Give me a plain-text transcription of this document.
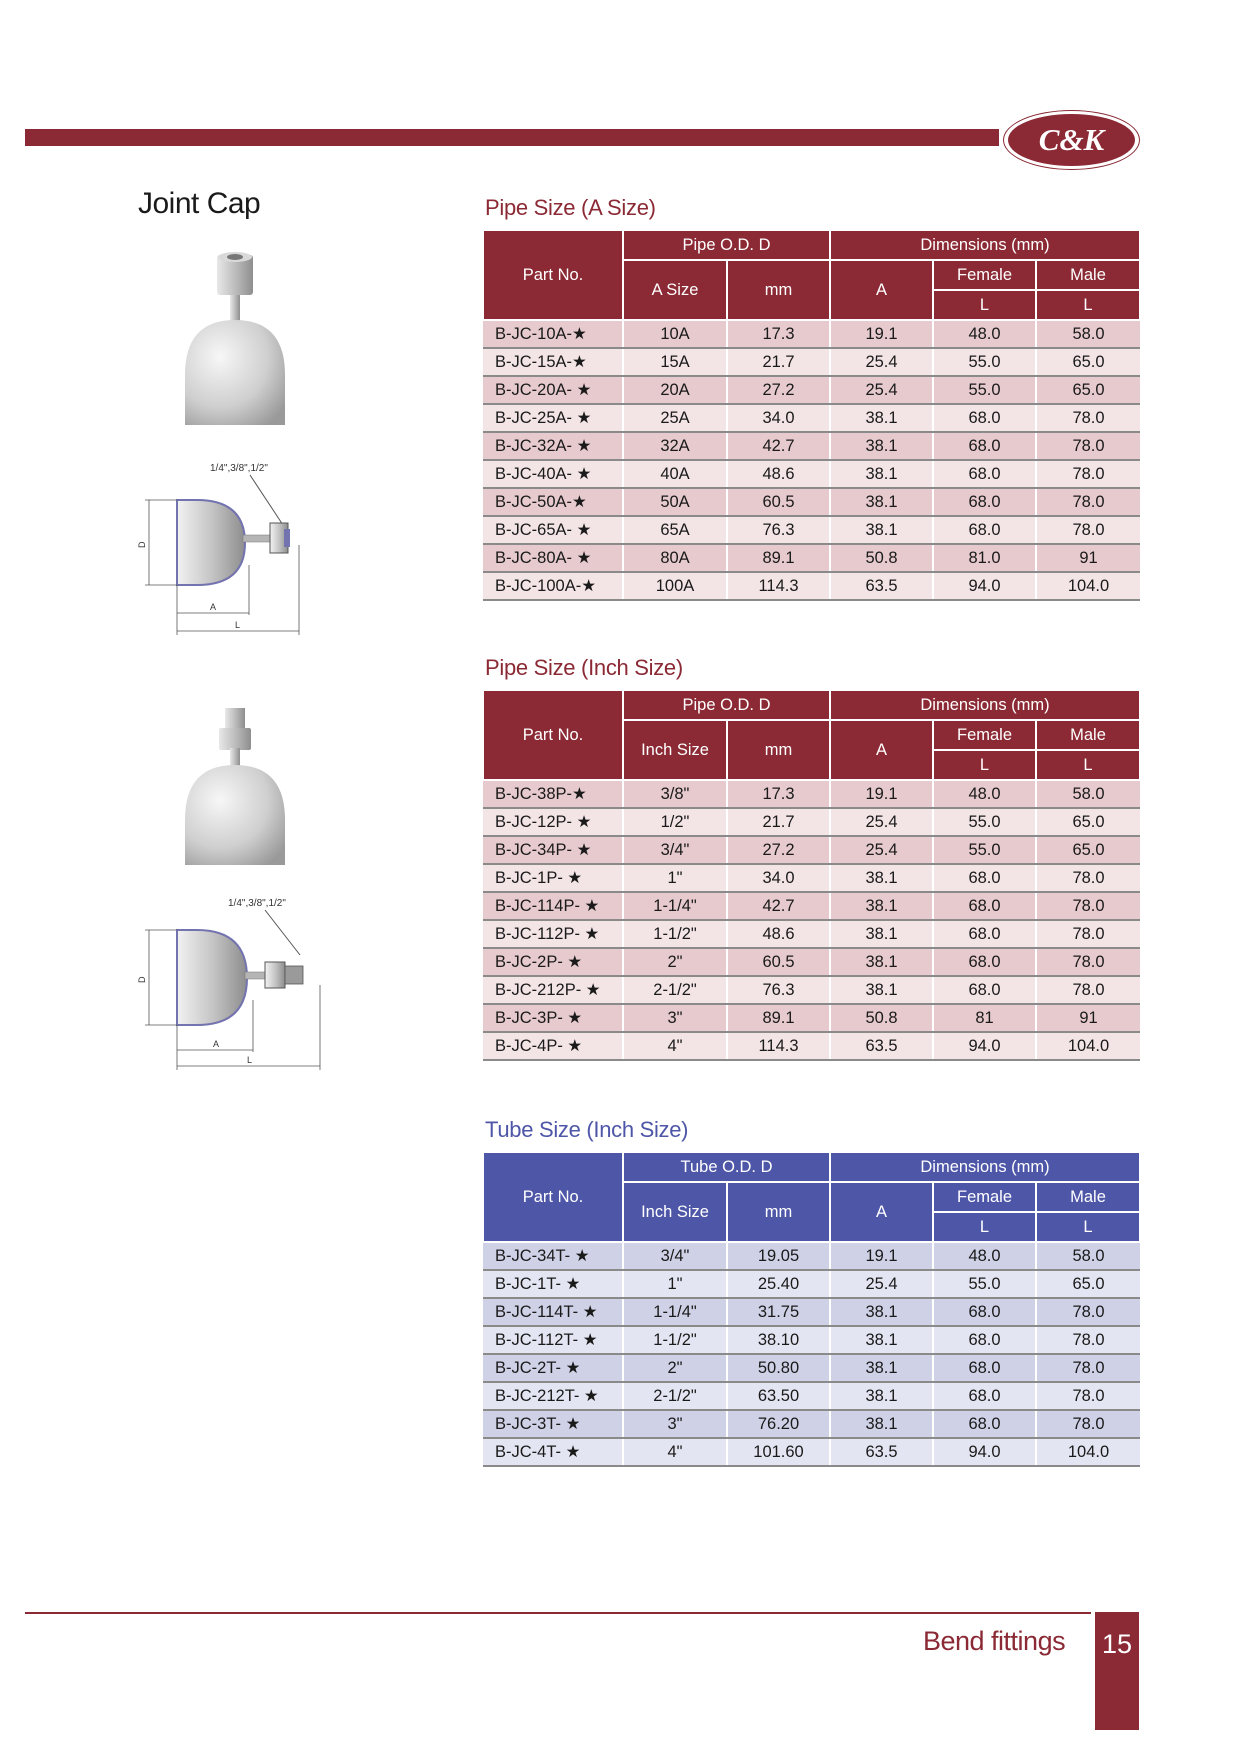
C&K
Joint Cap
1/4",3/8",1/2"
D
A
L
1/4",3/8",1/2"
D
A
L
Pipe Size (A Size)
Part No.	Pipe O.D. D		Dimensions (mm)		
	A Size	mm	A	Female	Male
				L	L
B-JC-10A-★	10A	17.3	19.1	48.0	58.0
B-JC-15A-★	15A	21.7	25.4	55.0	65.0
B-JC-20A- ★	20A	27.2	25.4	55.0	65.0
B-JC-25A- ★	25A	34.0	38.1	68.0	78.0
B-JC-32A- ★	32A	42.7	38.1	68.0	78.0
B-JC-40A- ★	40A	48.6	38.1	68.0	78.0
B-JC-50A-★	50A	60.5	38.1	68.0	78.0
B-JC-65A- ★	65A	76.3	38.1	68.0	78.0
B-JC-80A- ★	80A	89.1	50.8	81.0	91
B-JC-100A-★	100A	114.3	63.5	94.0	104.0
Pipe Size (Inch Size)
Part No.	Pipe O.D. D		Dimensions (mm)		
	Inch Size	mm	A	Female	Male
				L	L
B-JC-38P-★	3/8"	17.3	19.1	48.0	58.0
B-JC-12P- ★	1/2"	21.7	25.4	55.0	65.0
B-JC-34P- ★	3/4"	27.2	25.4	55.0	65.0
B-JC-1P- ★	1"	34.0	38.1	68.0	78.0
B-JC-114P- ★	1-1/4"	42.7	38.1	68.0	78.0
B-JC-112P- ★	1-1/2"	48.6	38.1	68.0	78.0
B-JC-2P- ★	2"	60.5	38.1	68.0	78.0
B-JC-212P- ★	2-1/2"	76.3	38.1	68.0	78.0
B-JC-3P- ★	3"	89.1	50.8	81	91
B-JC-4P- ★	4"	114.3	63.5	94.0	104.0
Tube Size (Inch Size)
Part No.	Tube O.D. D		Dimensions (mm)		
	Inch Size	mm	A	Female	Male
				L	L
B-JC-34T- ★	3/4"	19.05	19.1	48.0	58.0
B-JC-1T- ★	1"	25.40	25.4	55.0	65.0
B-JC-114T- ★	1-1/4"	31.75	38.1	68.0	78.0
B-JC-112T- ★	1-1/2"	38.10	38.1	68.0	78.0
B-JC-2T- ★	2"	50.80	38.1	68.0	78.0
B-JC-212T- ★	2-1/2"	63.50	38.1	68.0	78.0
B-JC-3T- ★	3"	76.20	38.1	68.0	78.0
B-JC-4T- ★	4"	101.60	63.5	94.0	104.0
Bend fittings 15
